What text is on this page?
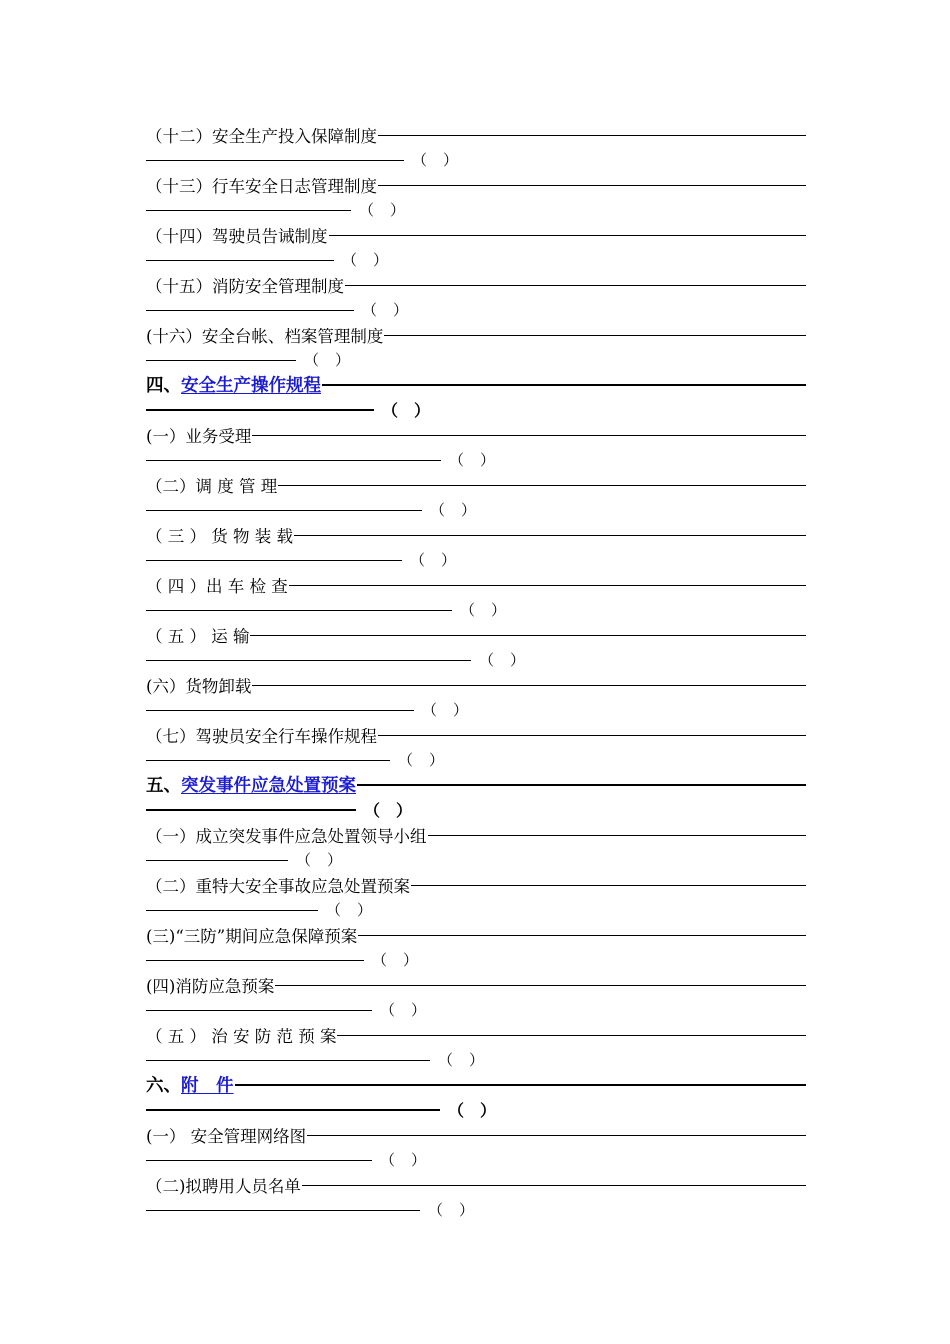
（十二）安全生产投入保障制度
（ ）
（十三）行车安全日志管理制度
（ ）
（十四）驾驶员告诫制度
（ ）
（十五）消防安全管理制度
（ ）
(十六）安全台帐、档案管理制度
（ ）
四、安全生产操作规程
（ ）
(一）业务受理
（ ）
（二）调 度 管 理
（ ）
（ 三 ） 货 物 装 载
（ ）
（ 四 ）出 车 检 查
（ ）
（ 五 ） 运 输
（ ）
(六）货物卸载
（ ）
（七）驾驶员安全行车操作规程
（ ）
五、突发事件应急处置预案
（ ）
（一）成立突发事件应急处置领导小组
（ ）
（二）重特大安全事故应急处置预案
（ ）
(三)“三防”期间应急保障预案
（ ）
(四)消防应急预案
（ ）
（ 五 ） 治 安 防 范 预 案
（ ）
六、附　件
（ ）
(一） 安全管理网络图
（ ）
（二)拟聘用人员名单
（ ）
